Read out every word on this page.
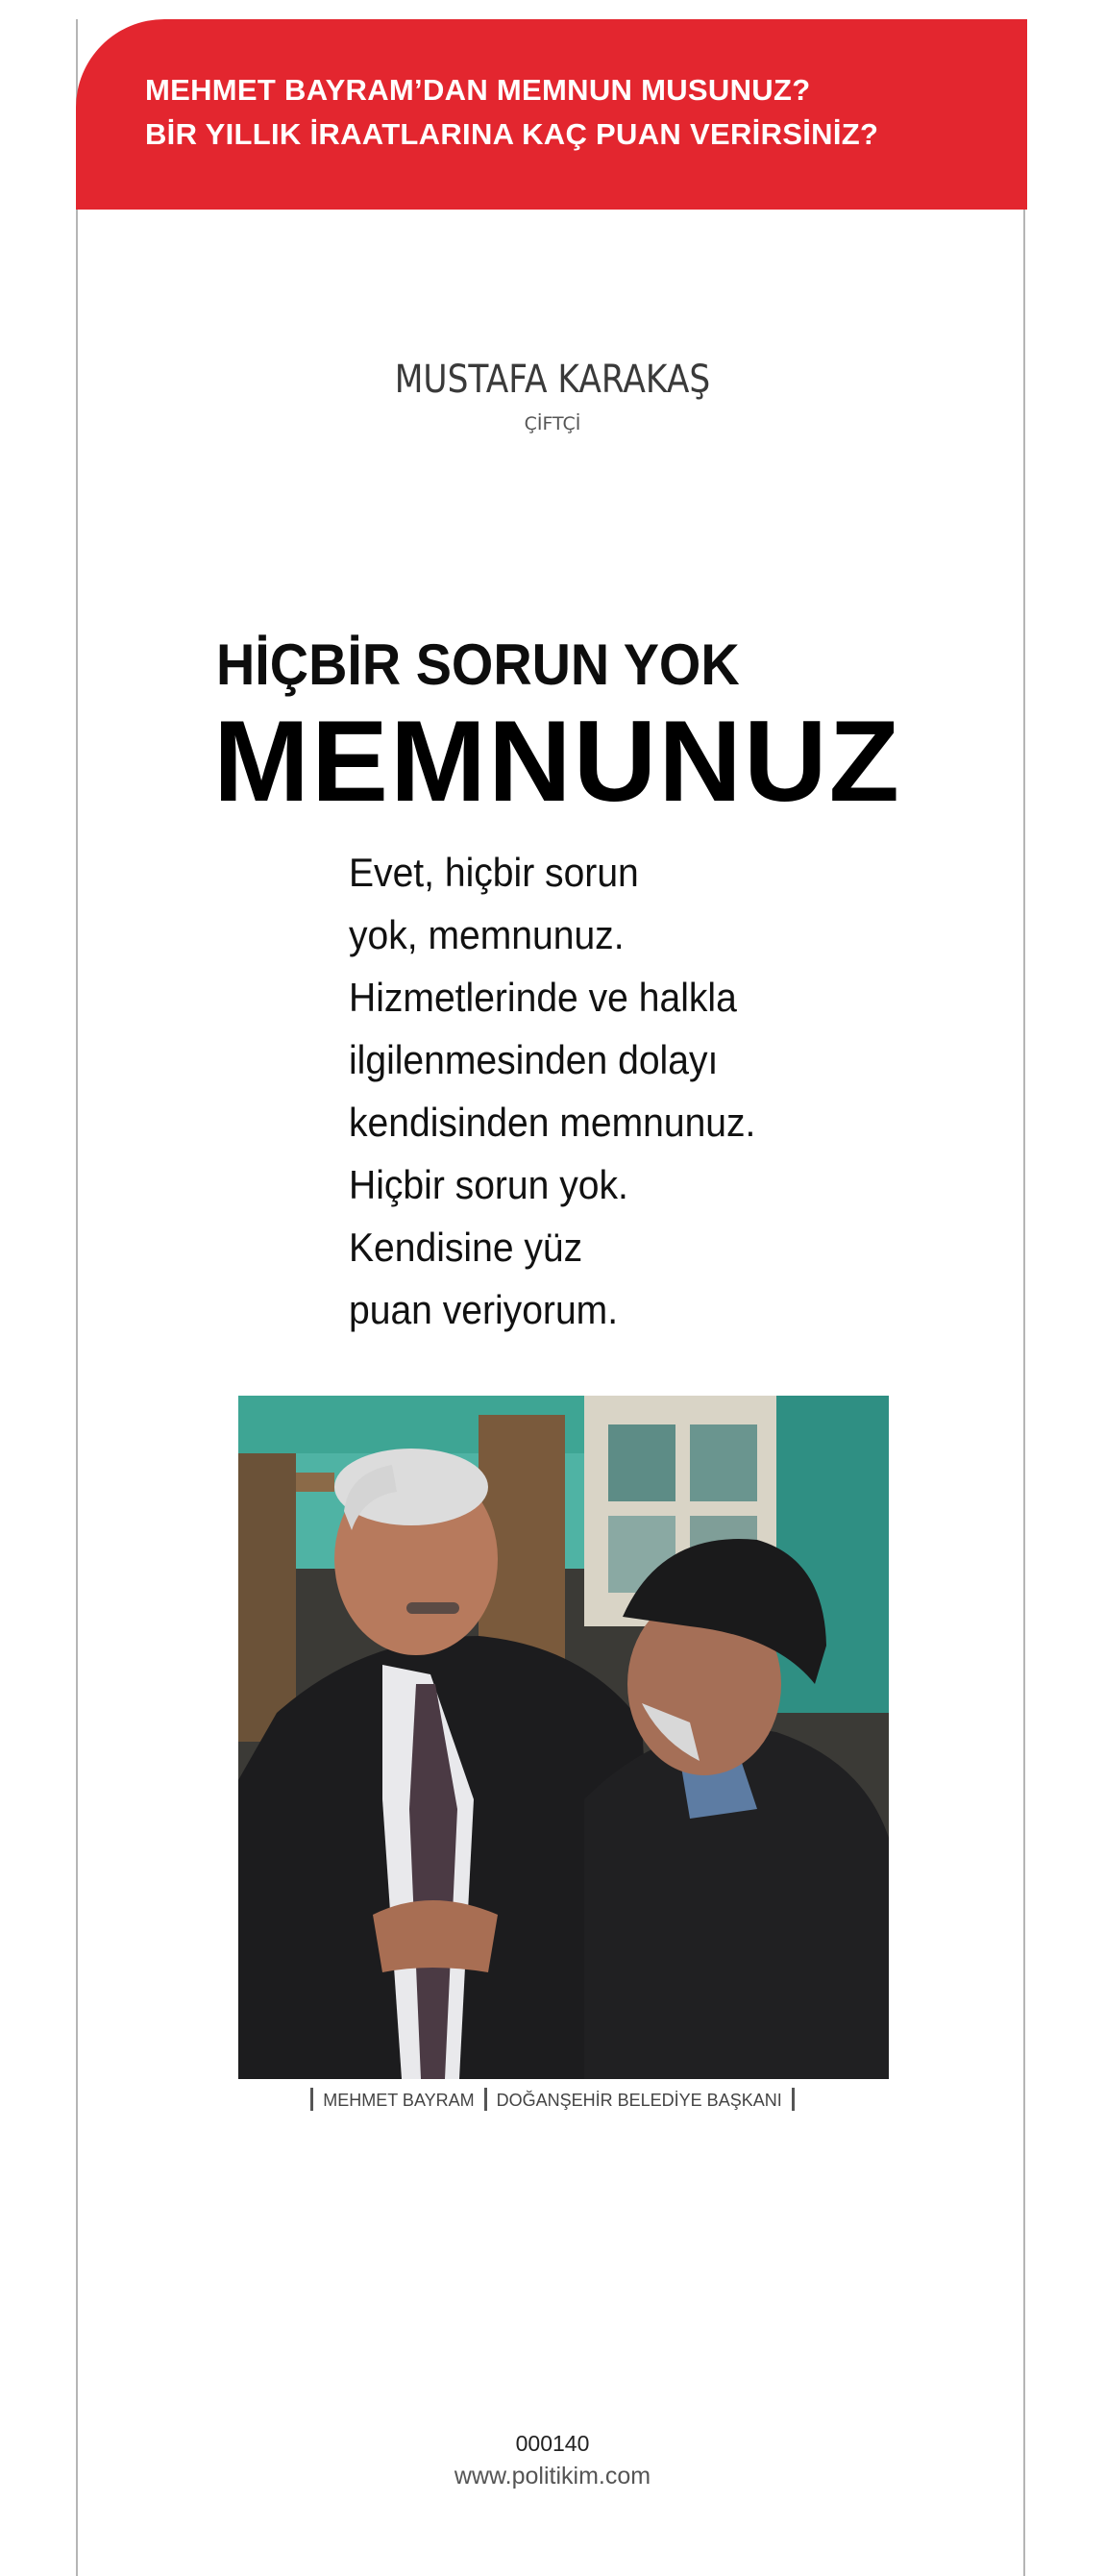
MEHMET BAYRAM’DAN MEMNUN MUSUNUZ?
BİR YILLIK İRAATLARINA KAÇ PUAN VERİRSİNİZ?
MUSTAFA KARAKAŞ
ÇİFTÇİ
HİÇBİR SORUN YOK
MEMNUNUZ
Evet, hiçbir sorun
yok, memnunuz.
Hizmetlerinde ve halkla
ilgilenmesinden dolayı
kendisinden memnunuz.
Hiçbir sorun yok.
Kendisine yüz
puan veriyorum.
MEHMET BAYRAM DOĞANŞEHİR BELEDİYE BAŞKANI
000140
www.politikim.com
